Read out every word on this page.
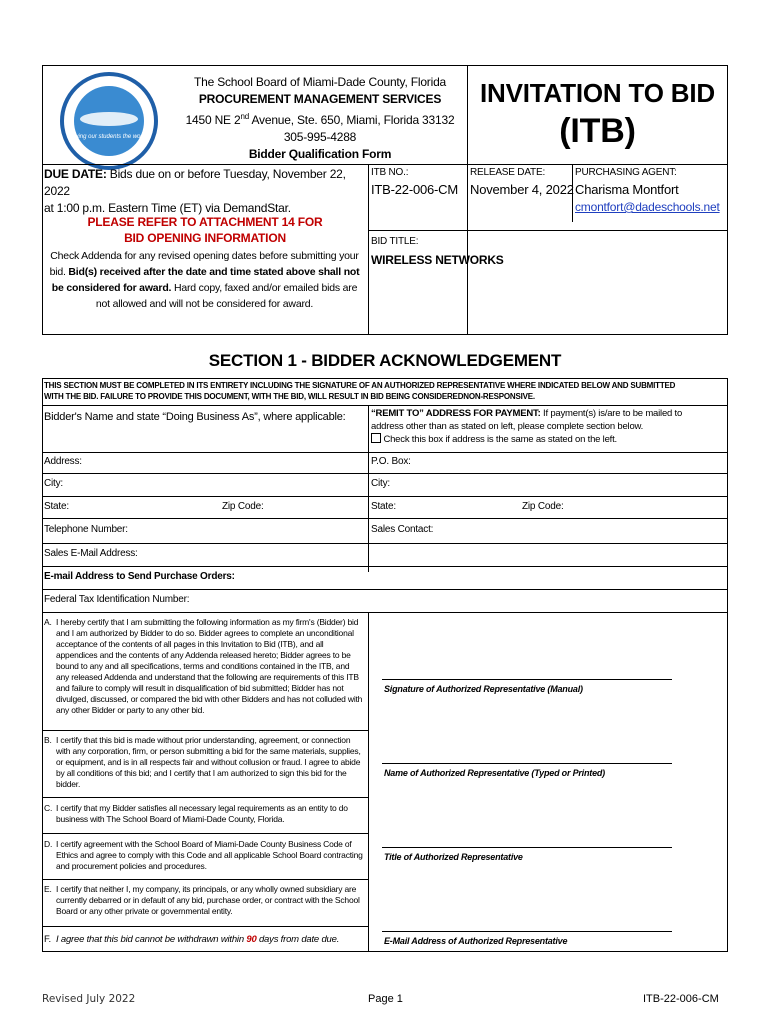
giving our students the world
The School Board of Miami-Dade County, Florida
PROCUREMENT MANAGEMENT SERVICES
1450 NE 2nd Avenue, Ste. 650, Miami, Florida 33132
305-995-4288
Bidder Qualification Form
INVITATION TO BID
(ITB)
DUE DATE: Bids due on or before Tuesday, November 22, 2022
at 1:00 p.m. Eastern Time (ET) via DemandStar.
PLEASE REFER TO ATTACHMENT 14 FOR
BID OPENING INFORMATION
Check Addenda for any revised opening dates before submitting your
bid. Bid(s) received after the date and time stated above shall not
be considered for award. Hard copy, faxed and/or emailed bids are
not allowed and will not be considered for award.
ITB NO.:
ITB-22-006-CM
RELEASE DATE:
November 4, 2022
PURCHASING AGENT:
Charisma Montfort
cmontfort@dadeschools.net
BID TITLE:
WIRELESS NETWORKS
SECTION 1 - BIDDER ACKNOWLEDGEMENT
THIS SECTION MUST BE COMPLETED IN ITS ENTIRETY INCLUDING THE SIGNATURE OF AN AUTHORIZED REPRESENTATIVE WHERE INDICATED BELOW AND SUBMITTED
WITH THE BID. FAILURE TO PROVIDE THIS DOCUMENT, WITH THE BID, WILL RESULT IN BID BEING CONSIDEREDNON-RESPONSIVE.
Bidder's Name and state “Doing Business As”, where applicable:	“REMIT TO” ADDRESS FOR PAYMENT: If payment(s) is/are to be mailed to
address other than as stated on left, please complete section below.
Check this box if address is the same as stated on the left.
Address:	P.O. Box:
City:	City:
State:	Zip Code:	State:	Zip Code:
Telephone Number:	Sales Contact:
Sales E-Mail Address:
E-mail Address to Send Purchase Orders:
Federal Tax Identification Number:
A. I hereby certify that I am submitting the following information as my firm's (Bidder) bid
and I am authorized by Bidder to do so. Bidder agrees to complete an unconditional
acceptance of the contents of all pages in this Invitation to Bid (ITB), and all
appendices and the contents of any Addenda released hereto; Bidder agrees to be
bound to any and all specifications, terms and conditions contained in the ITB, and
any released Addenda and understand that the following are requirements of this ITB
and failure to comply will result in disqualification of bid submitted; Bidder has not
divulged, discussed, or compared the bid with other Bidders and has not colluded with
any other Bidder or party to any other bid.
B. I certify that this bid is made without prior understanding, agreement, or connection
with any corporation, firm, or person submitting a bid for the same materials, supplies,
or equipment, and is in all respects fair and without collusion or fraud. I agree to abide
by all conditions of this bid; and I certify that I am authorized to sign this bid for the
bidder.
C. I certify that my Bidder satisfies all necessary legal requirements as an entity to do
business with The School Board of Miami-Dade County, Florida.
D. I certify agreement with the School Board of Miami-Dade County Business Code of
Ethics and agree to comply with this Code and all applicable School Board contracting
and procurement policies and procedures.
E. I certify that neither I, my company, its principals, or any wholly owned subsidiary are
currently debarred or in default of any bid, purchase order, or contract with the School
Board or any other private or governmental entity.
F. I agree that this bid cannot be withdrawn within 90 days from date due.
Signature of Authorized Representative (Manual)
Name of Authorized Representative (Typed or Printed)
Title of Authorized Representative
E-Mail Address of Authorized Representative
Revised July 2022	Page 1	ITB-22-006-CM
